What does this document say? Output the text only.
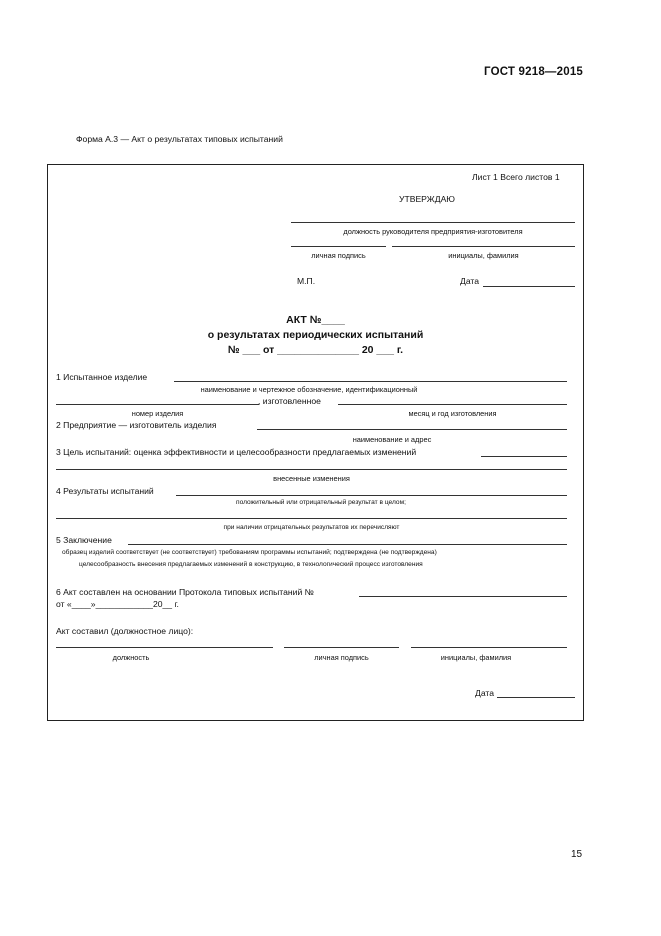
ГОСТ 9218—2015
Форма А.3 — Акт о результатах типовых испытаний
Лист 1 Всего листов 1
УТВЕРЖДАЮ
должность руководителя предприятия-изготовителя
личная подпись	инициалы, фамилия
М.П.	Дата
АКТ №____
о результатах периодических испытаний
№ ___ от ______________ 20 ___ г.
1 Испытанное изделие
наименование и чертежное обозначение, идентификационный
, изготовленное
номер изделия	месяц и год изготовления
2 Предприятие — изготовитель изделия
наименование и адрес
3 Цель испытаний: оценка эффективности и целесообразности предлагаемых изменений
внесенные изменения
4 Результаты испытаний
положительный или отрицательный результат в целом;
при наличии отрицательных результатов их перечисляют
5 Заключение
образец изделий соответствует (не соответствует) требованиям программы испытаний; подтверждена (не подтверждена)
целесообразность внесения предлагаемых изменений в конструкцию, в технологический процесс изготовления
6 Акт составлен на основании Протокола типовых испытаний №
от «____»____________20__ г.
Акт составил (должностное лицо):
должность	личная подпись	инициалы, фамилия
Дата
15
